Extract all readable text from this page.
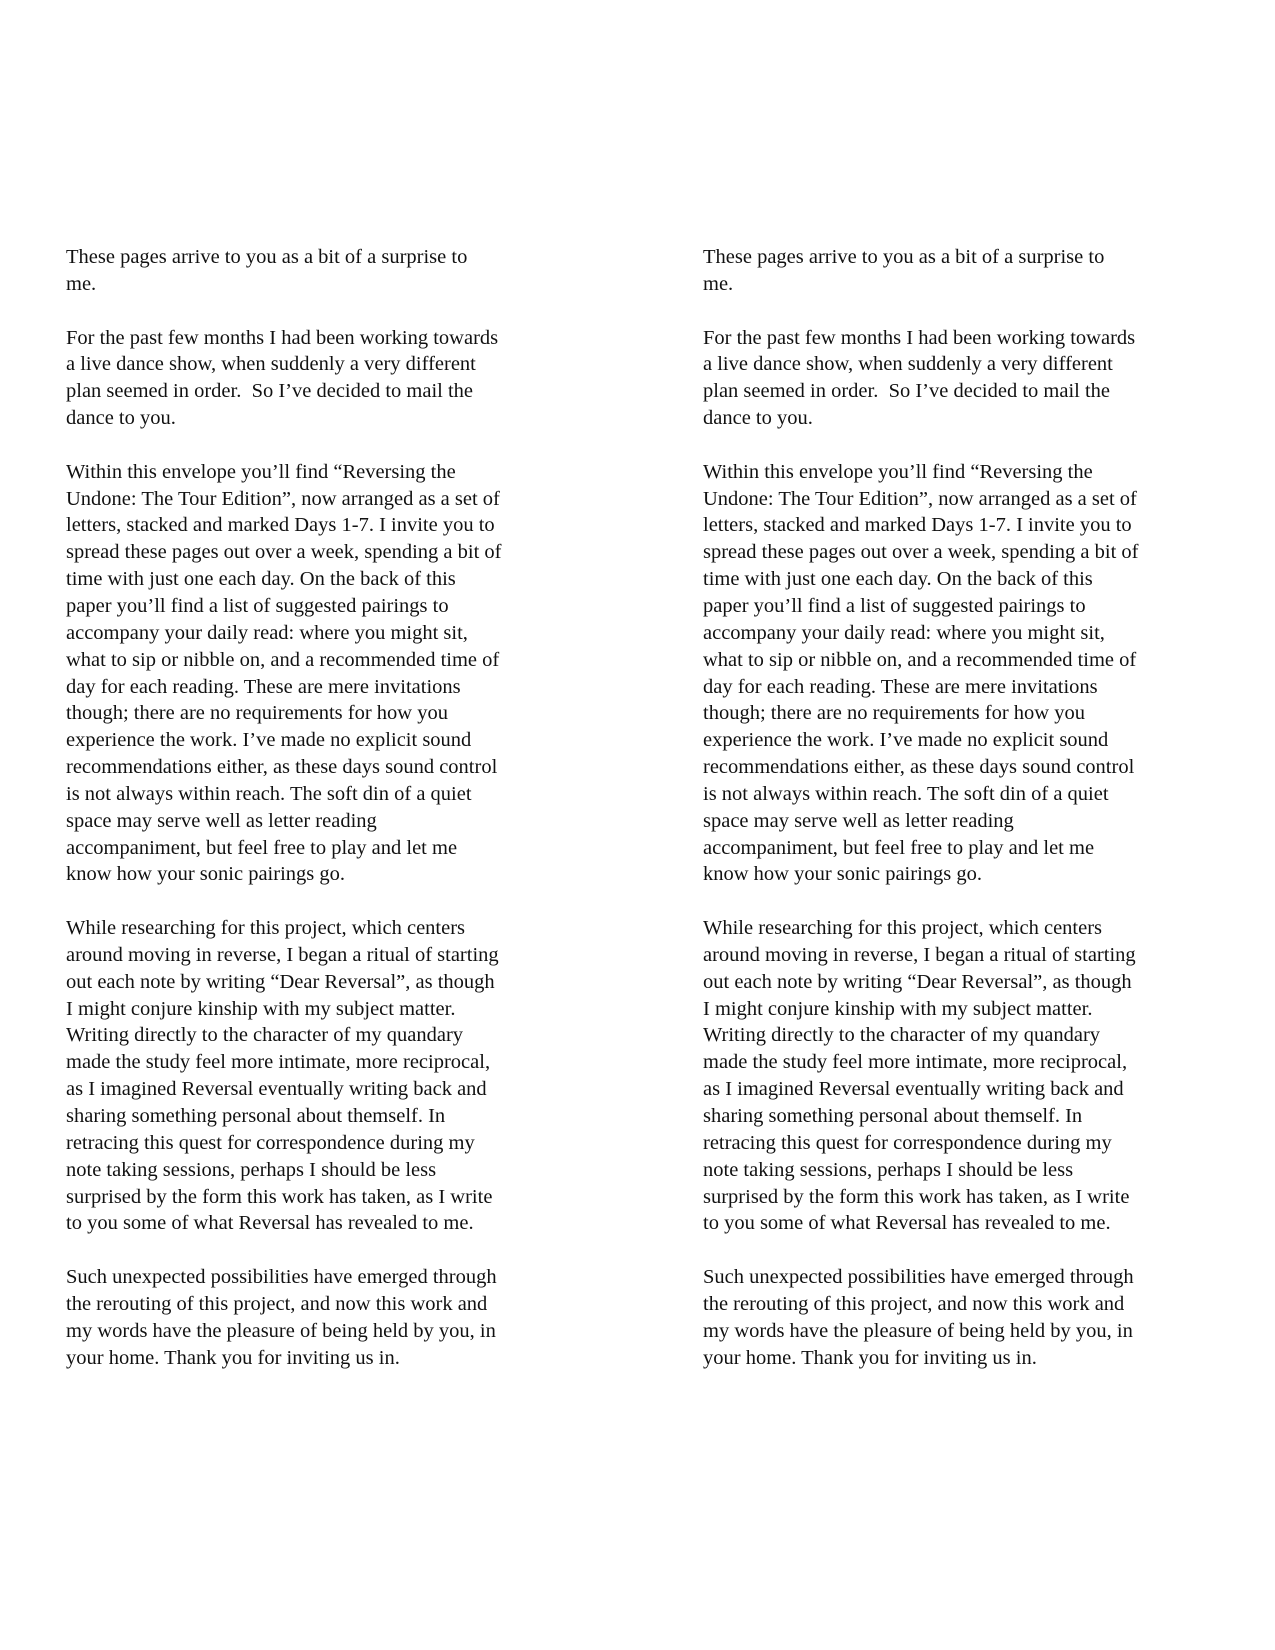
These pages arrive to you as a bit of a surprise to
me.
For the past few months I had been working towards
a live dance show, when suddenly a very different
plan seemed in order.  So I’ve decided to mail the
dance to you.
Within this envelope you’ll find “Reversing the
Undone: The Tour Edition”, now arranged as a set of
letters, stacked and marked Days 1-7. I invite you to
spread these pages out over a week, spending a bit of
time with just one each day. On the back of this
paper you’ll find a list of suggested pairings to
accompany your daily read: where you might sit,
what to sip or nibble on, and a recommended time of
day for each reading. These are mere invitations
though; there are no requirements for how you
experience the work. I’ve made no explicit sound
recommendations either, as these days sound control
is not always within reach. The soft din of a quiet
space may serve well as letter reading
accompaniment, but feel free to play and let me
know how your sonic pairings go.
While researching for this project, which centers
around moving in reverse, I began a ritual of starting
out each note by writing “Dear Reversal”, as though
I might conjure kinship with my subject matter.
Writing directly to the character of my quandary
made the study feel more intimate, more reciprocal,
as I imagined Reversal eventually writing back and
sharing something personal about themself. In
retracing this quest for correspondence during my
note taking sessions, perhaps I should be less
surprised by the form this work has taken, as I write
to you some of what Reversal has revealed to me.
Such unexpected possibilities have emerged through
the rerouting of this project, and now this work and
my words have the pleasure of being held by you, in
your home. Thank you for inviting us in.
These pages arrive to you as a bit of a surprise to
me.
For the past few months I had been working towards
a live dance show, when suddenly a very different
plan seemed in order.  So I’ve decided to mail the
dance to you.
Within this envelope you’ll find “Reversing the
Undone: The Tour Edition”, now arranged as a set of
letters, stacked and marked Days 1-7. I invite you to
spread these pages out over a week, spending a bit of
time with just one each day. On the back of this
paper you’ll find a list of suggested pairings to
accompany your daily read: where you might sit,
what to sip or nibble on, and a recommended time of
day for each reading. These are mere invitations
though; there are no requirements for how you
experience the work. I’ve made no explicit sound
recommendations either, as these days sound control
is not always within reach. The soft din of a quiet
space may serve well as letter reading
accompaniment, but feel free to play and let me
know how your sonic pairings go.
While researching for this project, which centers
around moving in reverse, I began a ritual of starting
out each note by writing “Dear Reversal”, as though
I might conjure kinship with my subject matter.
Writing directly to the character of my quandary
made the study feel more intimate, more reciprocal,
as I imagined Reversal eventually writing back and
sharing something personal about themself. In
retracing this quest for correspondence during my
note taking sessions, perhaps I should be less
surprised by the form this work has taken, as I write
to you some of what Reversal has revealed to me.
Such unexpected possibilities have emerged through
the rerouting of this project, and now this work and
my words have the pleasure of being held by you, in
your home. Thank you for inviting us in.
